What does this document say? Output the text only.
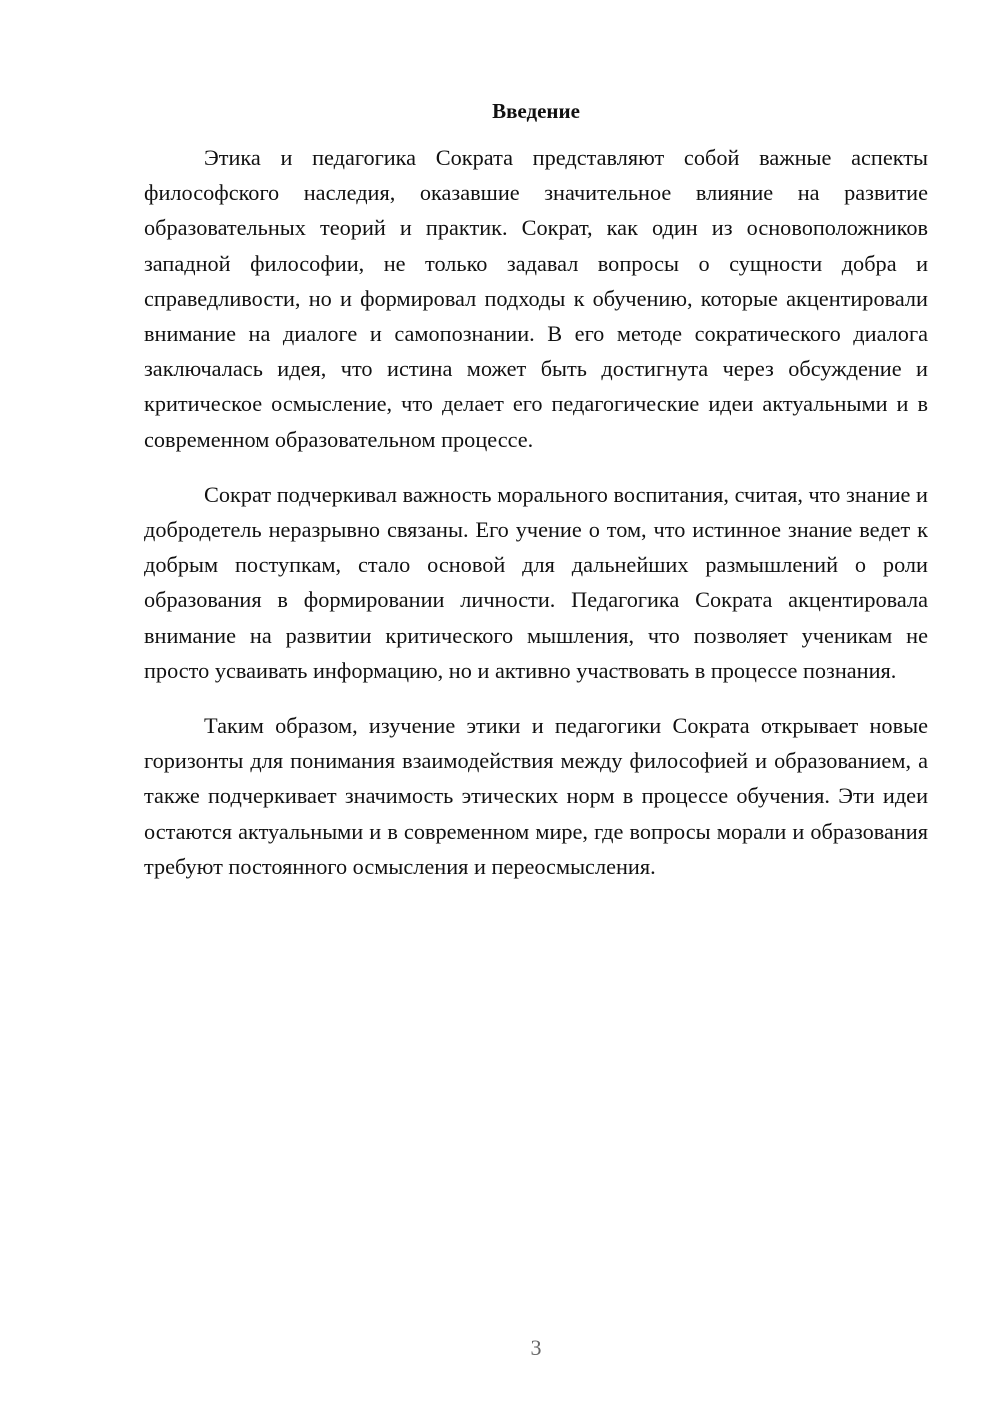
Введение

Этика и педагогика Сократа представляют собой важные аспекты философского наследия, оказавшие значительное влияние на развитие образовательных теорий и практик. Сократ, как один из основоположников западной философии, не только задавал вопросы о сущности добра и справедливости, но и формировал подходы к обучению, которые акцентировали внимание на диалоге и самопознании. В его методе сократического диалога заключалась идея, что истина может быть достигнута через обсуждение и критическое осмысление, что делает его педагогические идеи актуальными и в современном образовательном процессе.

Сократ подчеркивал важность морального воспитания, считая, что знание и добродетель неразрывно связаны. Его учение о том, что истинное знание ведет к добрым поступкам, стало основой для дальнейших размышлений о роли образования в формировании личности. Педагогика Сократа акцентировала внимание на развитии критического мышления, что позволяет ученикам не просто усваивать информацию, но и активно участвовать в процессе познания.

Таким образом, изучение этики и педагогики Сократа открывает новые горизонты для понимания взаимодействия между философией и образованием, а также подчеркивает значимость этических норм в процессе обучения. Эти идеи остаются актуальными и в современном мире, где вопросы морали и образования требуют постоянного осмысления и переосмысления.

3
